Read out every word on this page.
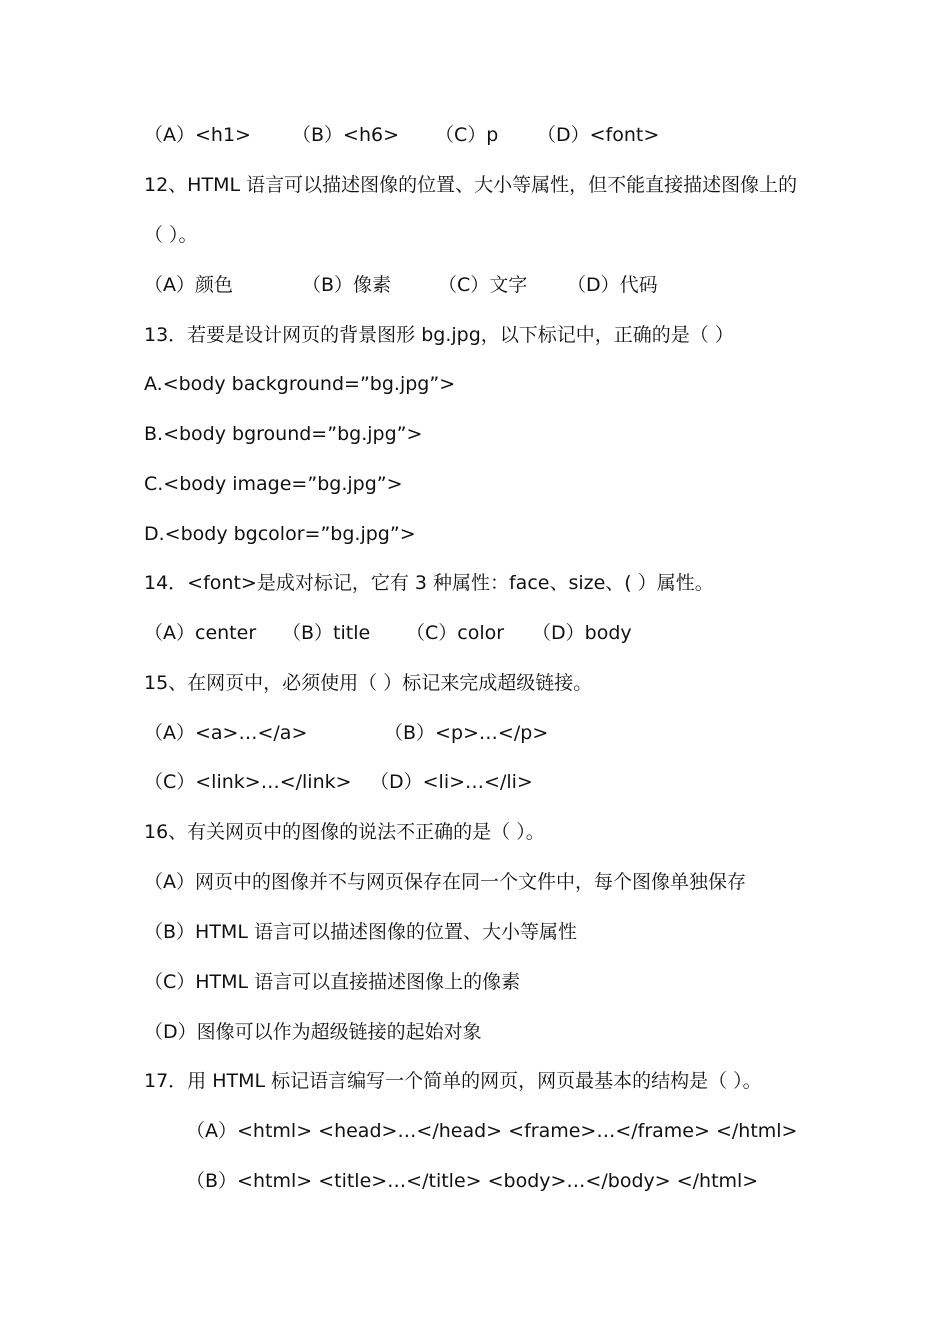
（A）<h1> （B）<h6> （C）p （D）<font>
12、HTML 语言可以描述图像的位置、大小等属性，但不能直接描述图像上的
（ ）。
（A）颜色	（B）像素 （C）文字 （D）代码
13．若要是设计网页的背景图形 bg.jpg，以下标记中，正确的是（ ）
A.<body background=”bg.jpg”>
B.<body bground=”bg.jpg”>
C.<body image=”bg.jpg”>
D.<body bgcolor=”bg.jpg”>
14．<font>是成对标记，它有 3 种属性：face、size、( ）属性。
（A）center （B）title （C）color （D）body
15、在网页中，必须使用（ ）标记来完成超级链接。
（A）<a>…</a>	（B）<p>…</p>
（C）<link>…</link> （D）<li>…</li>
16、有关网页中的图像的说法不正确的是（ ）。
（A）网页中的图像并不与网页保存在同一个文件中，每个图像单独保存
（B）HTML 语言可以描述图像的位置、大小等属性
（C）HTML 语言可以直接描述图像上的像素
（D）图像可以作为超级链接的起始对象
17．用 HTML 标记语言编写一个简单的网页，网页最基本的结构是（ ）。
（A）<html> <head>…</head> <frame>…</frame> </html>
（B）<html> <title>…</title> <body>…</body> </html>
